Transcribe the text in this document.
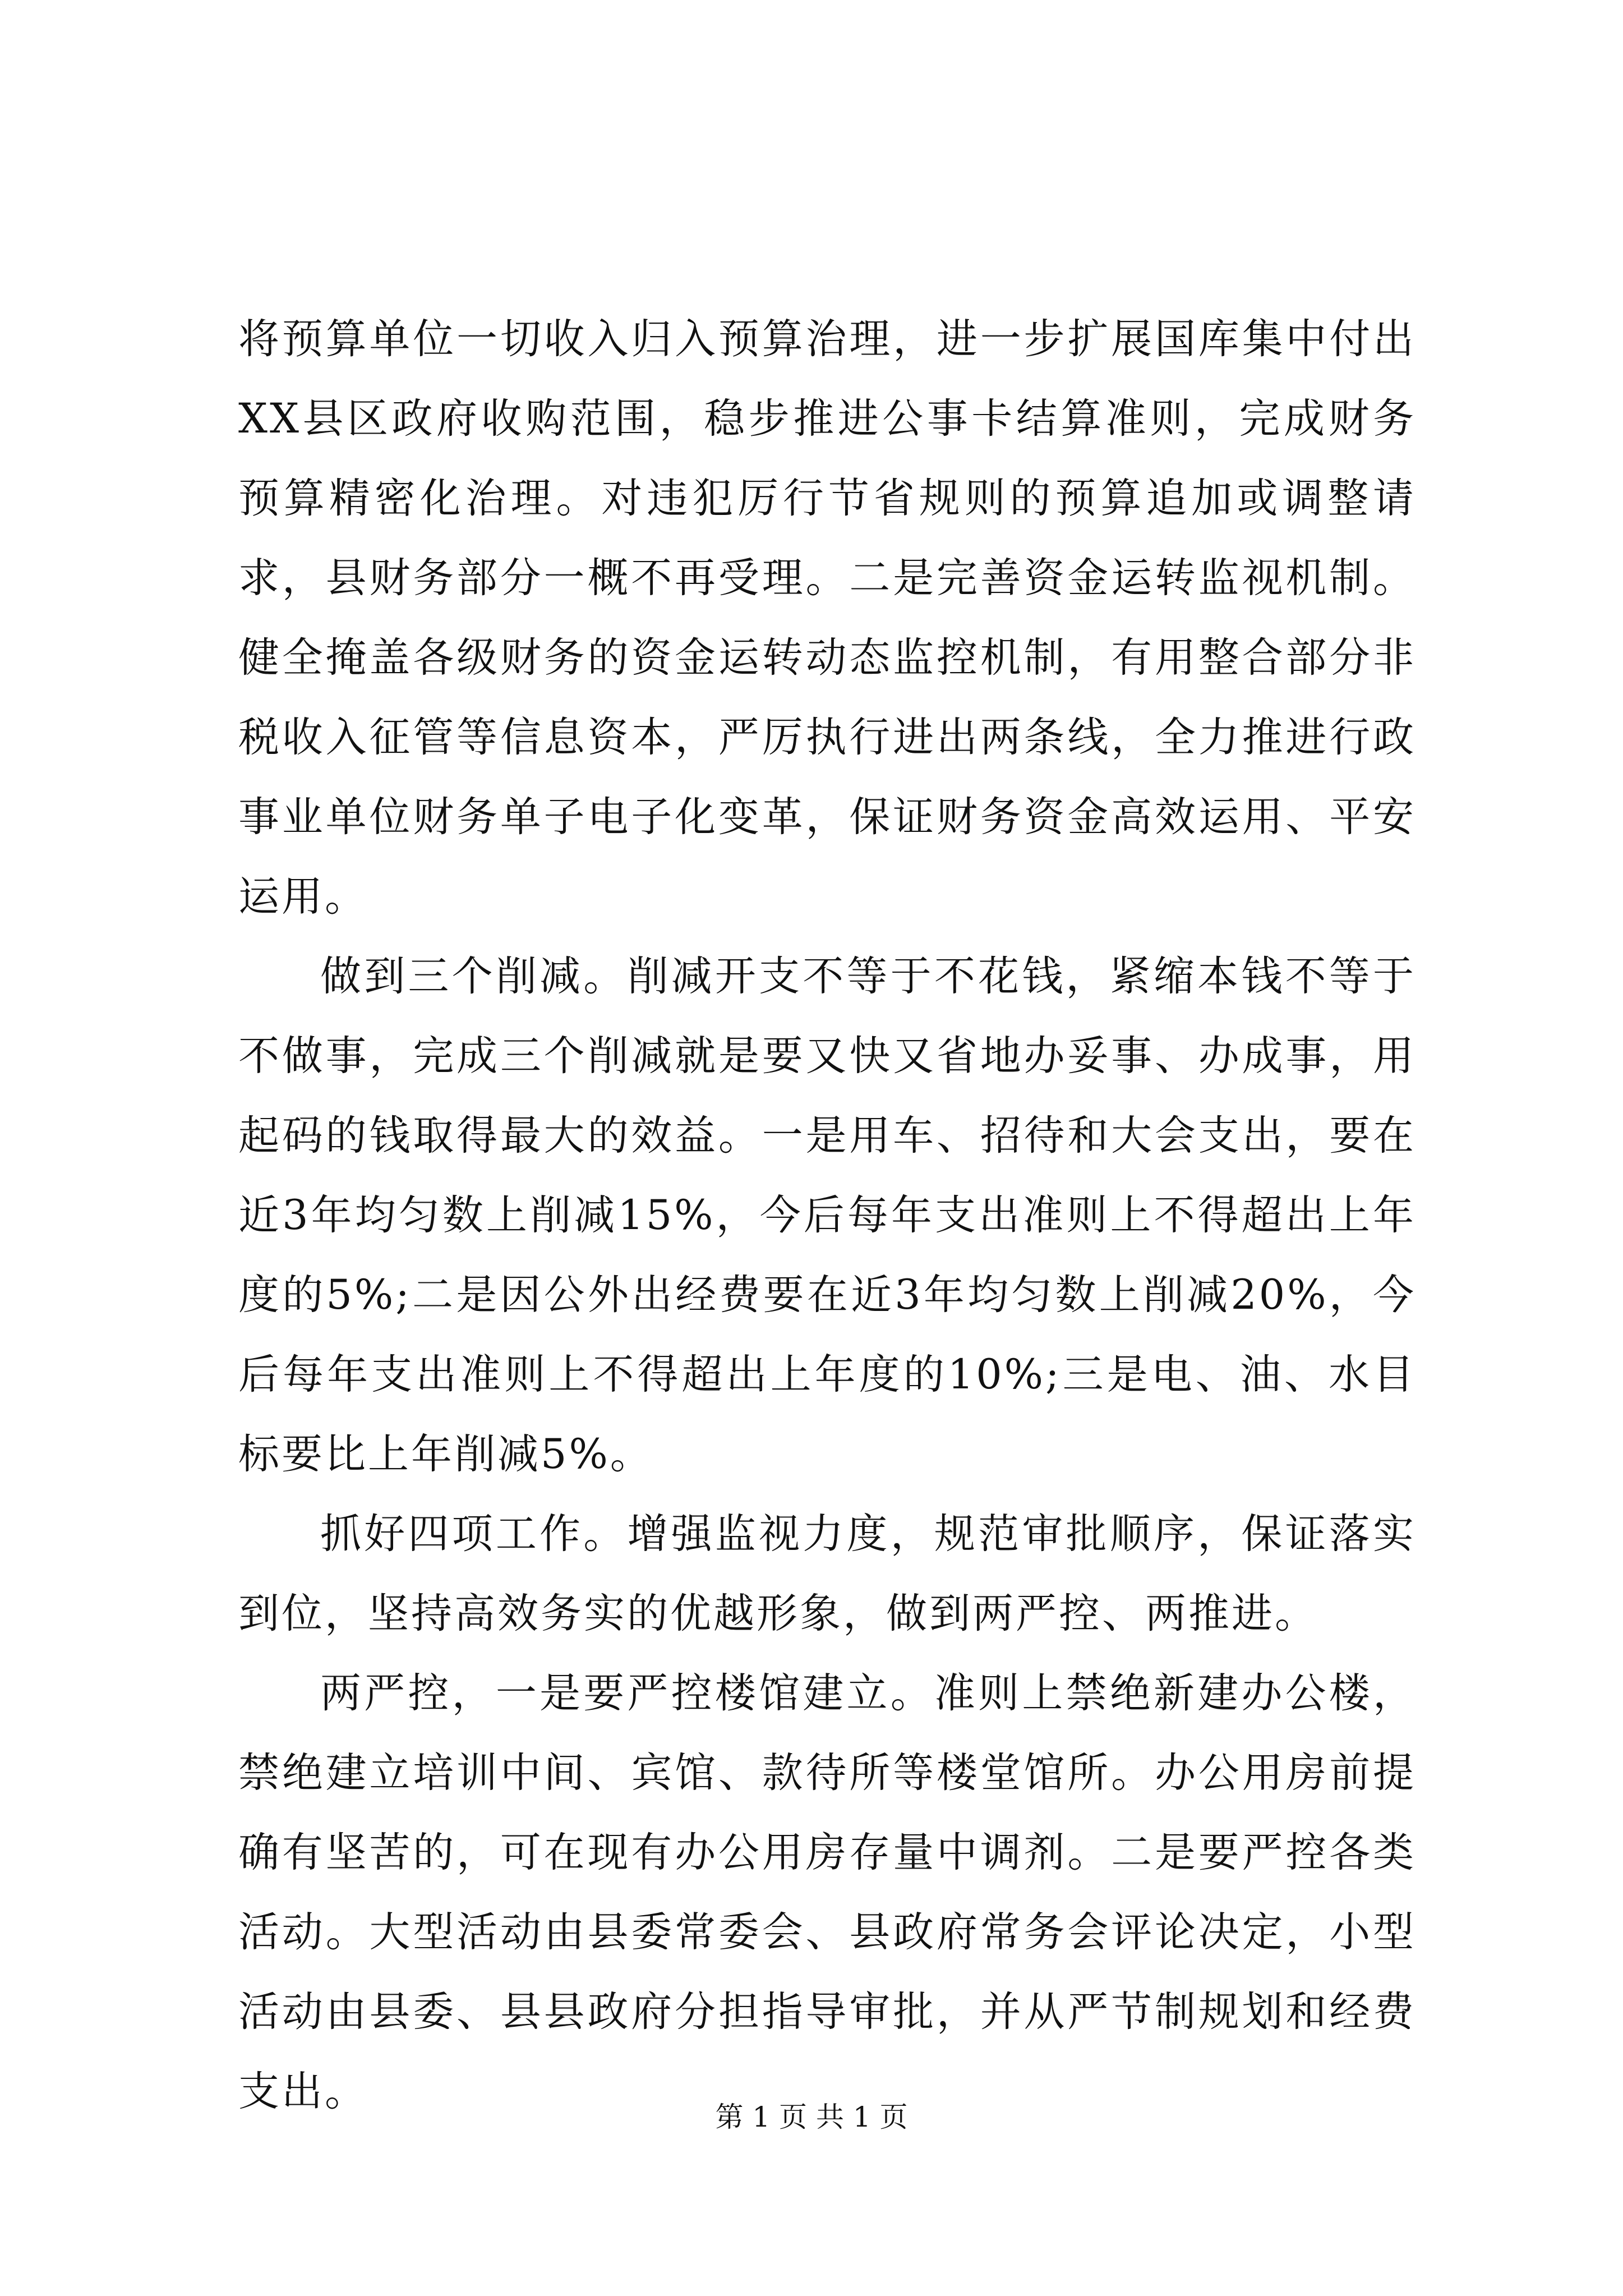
将预算单位一切收入归入预算治理，进一步扩展国库集中付出XX县区政府收购范围，稳步推进公事卡结算准则，完成财务预算精密化治理。对违犯厉行节省规则的预算追加或调整请求，县财务部分一概不再受理。二是完善资金运转监视机制。健全掩盖各级财务的资金运转动态监控机制，有用整合部分非税收入征管等信息资本，严厉执行进出两条线，全力推进行政事业单位财务单子电子化变革，保证财务资金高效运用、平安运用。

做到三个削减。削减开支不等于不花钱，紧缩本钱不等于不做事，完成三个削减就是要又快又省地办妥事、办成事，用起码的钱取得最大的效益。一是用车、招待和大会支出，要在近3年均匀数上削减15%，今后每年支出准则上不得超出上年度的5%;二是因公外出经费要在近3年均匀数上削减20%，今后每年支出准则上不得超出上年度的10%;三是电、油、水目标要比上年削减5%。

抓好四项工作。增强监视力度，规范审批顺序，保证落实到位，坚持高效务实的优越形象，做到两严控、两推进。

两严控，一是要严控楼馆建立。准则上禁绝新建办公楼，禁绝建立培训中间、宾馆、款待所等楼堂馆所。办公用房前提确有坚苦的，可在现有办公用房存量中调剂。二是要严控各类活动。大型活动由县委常委会、县政府常务会评论决定，小型活动由县委、县县政府分担指导审批，并从严节制规划和经费支出。

第 1 页 共 1 页
